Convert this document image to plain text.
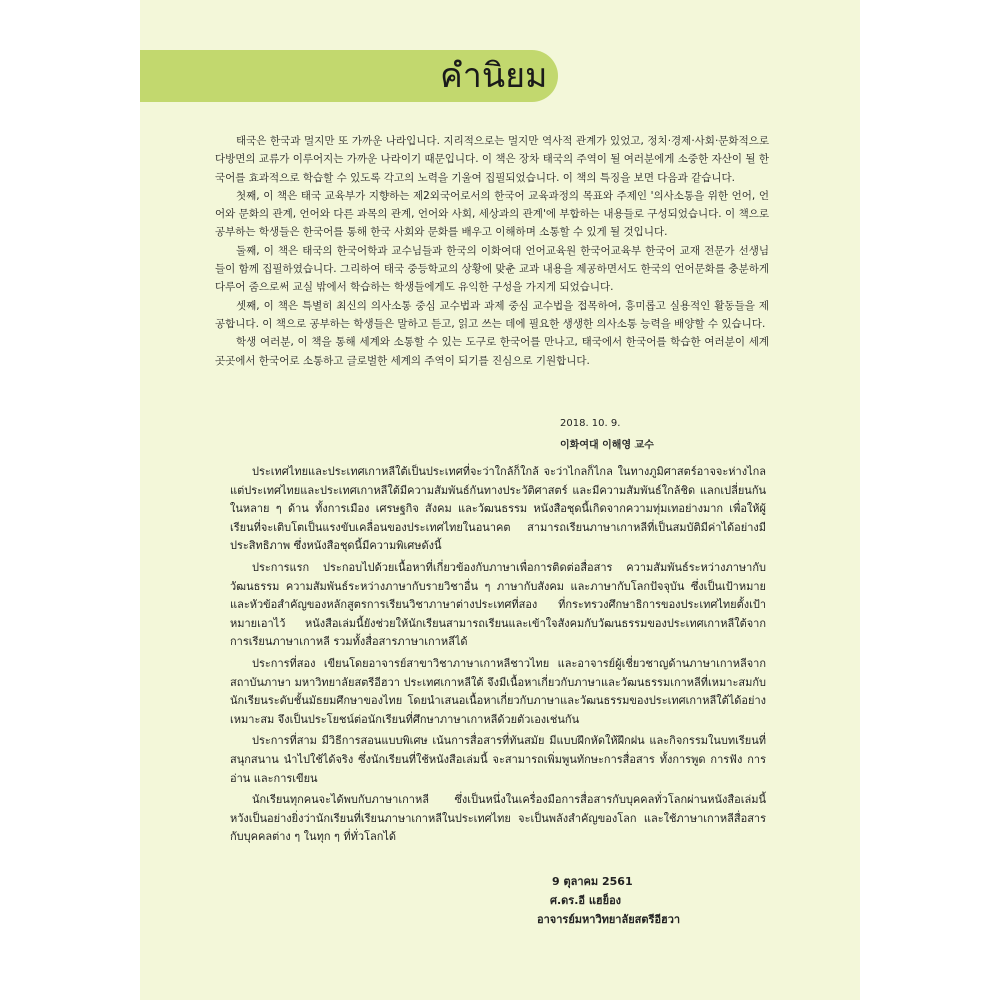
คำนิยม

태국은 한국과 멀지만 또 가까운 나라입니다. 지리적으로는 멀지만 역사적 관계가 있었고, 정치·경제·사회·문화적으로 다방면의 교류가 이루어지는 가까운 나라이기 때문입니다. 이 책은 장차 태국의 주역이 될 여러분에게 소중한 자산이 될 한국어를 효과적으로 학습할 수 있도록 각고의 노력을 기울여 집필되었습니다. 이 책의 특징을 보면 다음과 같습니다.

첫째, 이 책은 태국 교육부가 지향하는 제2외국어로서의 한국어 교육과정의 목표와 주제인 '의사소통을 위한 언어, 언어와 문화의 관계, 언어와 다른 과목의 관계, 언어와 사회, 세상과의 관계'에 부합하는 내용들로 구성되었습니다. 이 책으로 공부하는 학생들은 한국어를 통해 한국 사회와 문화를 배우고 이해하며 소통할 수 있게 될 것입니다.

둘째, 이 책은 태국의 한국어학과 교수님들과 한국의 이화여대 언어교육원 한국어교육부 한국어 교재 전문가 선생님들이 함께 집필하였습니다. 그리하여 태국 중등학교의 상황에 맞춘 교과 내용을 제공하면서도 한국의 언어문화를 충분하게 다루어 줌으로써 교실 밖에서 학습하는 학생들에게도 유익한 구성을 가지게 되었습니다.

셋째, 이 책은 특별히 최신의 의사소통 중심 교수법과 과제 중심 교수법을 접목하여, 흥미롭고 실용적인 활동들을 제공합니다. 이 책으로 공부하는 학생들은 말하고 듣고, 읽고 쓰는 데에 필요한 생생한 의사소통 능력을 배양할 수 있습니다.

학생 여러분, 이 책을 통해 세계와 소통할 수 있는 도구로 한국어를 만나고, 태국에서 한국어를 학습한 여러분이 세계 곳곳에서 한국어로 소통하고 글로벌한 세계의 주역이 되기를 진심으로 기원합니다.

2018. 10. 9.
이화여대 이해영 교수

ประเทศไทยและประเทศเกาหลีใต้เป็นประเทศที่จะว่าใกล้ก็ใกล้ จะว่าไกลก็ไกล ในทางภูมิศาสตร์อาจจะห่างไกล แต่ประเทศไทยและประเทศเกาหลีใต้มีความสัมพันธ์กันทางประวัติศาสตร์ และมีความสัมพันธ์ใกล้ชิด แลกเปลี่ยนกันในหลาย ๆ ด้าน ทั้งการเมือง เศรษฐกิจ สังคม และวัฒนธรรม หนังสือชุดนี้เกิดจากความทุ่มเทอย่างมาก เพื่อให้ผู้เรียนที่จะเติบโตเป็นแรงขับเคลื่อนของประเทศไทยในอนาคต สามารถเรียนภาษาเกาหลีที่เป็นสมบัติมีค่าได้อย่างมีประสิทธิภาพ ซึ่งหนังสือชุดนี้มีความพิเศษดังนี้

ประการแรก ประกอบไปด้วยเนื้อหาที่เกี่ยวข้องกับภาษาเพื่อการติดต่อสื่อสาร ความสัมพันธ์ระหว่างภาษากับวัฒนธรรม ความสัมพันธ์ระหว่างภาษากับรายวิชาอื่น ๆ ภาษากับสังคม และภาษากับโลกปัจจุบัน ซึ่งเป็นเป้าหมายและหัวข้อสำคัญของหลักสูตรการเรียนวิชาภาษาต่างประเทศที่สอง ที่กระทรวงศึกษาธิการของประเทศไทยตั้งเป้าหมายเอาไว้ หนังสือเล่มนี้ยังช่วยให้นักเรียนสามารถเรียนและเข้าใจสังคมกับวัฒนธรรมของประเทศเกาหลีใต้จากการเรียนภาษาเกาหลี รวมทั้งสื่อสารภาษาเกาหลีได้

ประการที่สอง เขียนโดยอาจารย์สาขาวิชาภาษาเกาหลีชาวไทย และอาจารย์ผู้เชี่ยวชาญด้านภาษาเกาหลีจากสถาบันภาษา มหาวิทยาลัยสตรีอีฮวา ประเทศเกาหลีใต้ จึงมีเนื้อหาเกี่ยวกับภาษาและวัฒนธรรมเกาหลีที่เหมาะสมกับนักเรียนระดับชั้นมัธยมศึกษาของไทย โดยนำเสนอเนื้อหาเกี่ยวกับภาษาและวัฒนธรรมของประเทศเกาหลีใต้ได้อย่างเหมาะสม จึงเป็นประโยชน์ต่อนักเรียนที่ศึกษาภาษาเกาหลีด้วยตัวเองเช่นกัน

ประการที่สาม มีวิธีการสอนแบบพิเศษ เน้นการสื่อสารที่ทันสมัย มีแบบฝึกหัดให้ฝึกฝน และกิจกรรมในบทเรียนที่สนุกสนาน นำไปใช้ได้จริง ซึ่งนักเรียนที่ใช้หนังสือเล่มนี้ จะสามารถเพิ่มพูนทักษะการสื่อสาร ทั้งการพูด การฟัง การอ่าน และการเขียน

นักเรียนทุกคนจะได้พบกับภาษาเกาหลี ซึ่งเป็นหนึ่งในเครื่องมือการสื่อสารกับบุคคลทั่วโลกผ่านหนังสือเล่มนี้ หวังเป็นอย่างยิ่งว่านักเรียนที่เรียนภาษาเกาหลีในประเทศไทย จะเป็นพลังสำคัญของโลก และใช้ภาษาเกาหลีสื่อสารกับบุคคลต่าง ๆ ในทุก ๆ ที่ทั่วโลกได้

9 ตุลาคม 2561
ศ.ดร.อี แฮย็อง
อาจารย์มหาวิทยาลัยสตรีอีฮวา
